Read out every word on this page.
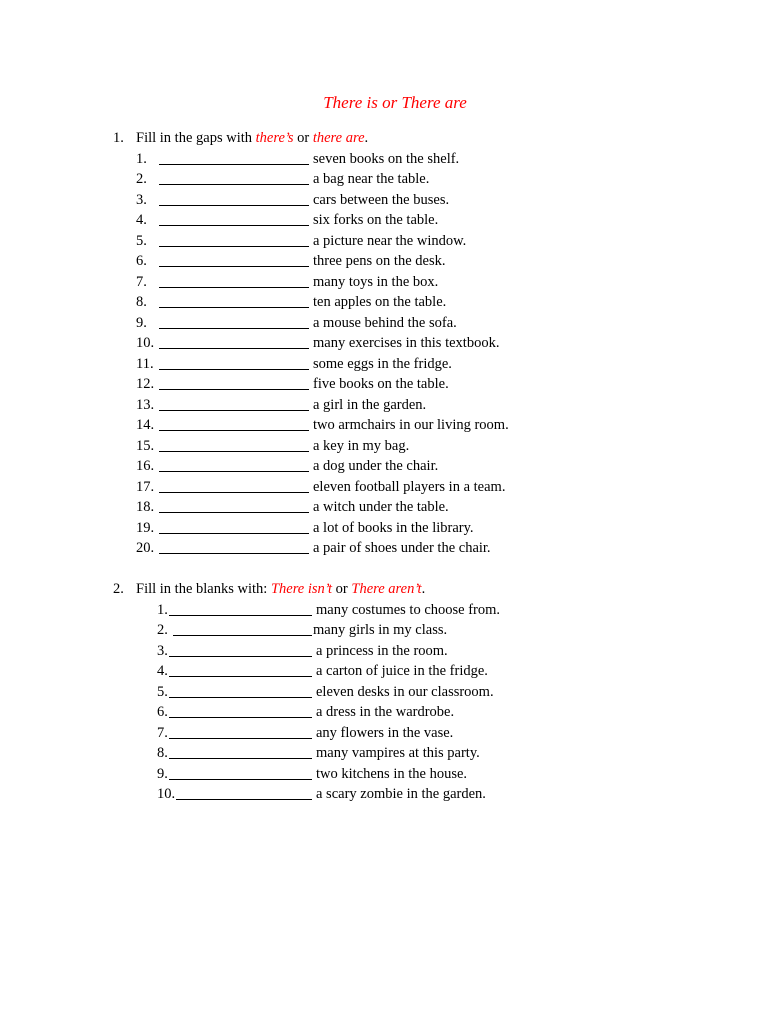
There is or There are
1. Fill in the gaps with there’s or there are.
1.	seven books on the shelf.
2.	a bag near the table.
3.	cars between the buses.
4.	six forks on the table.
5.	a picture near the window.
6.	three pens on the desk.
7.	many toys in the box.
8.	ten apples on the table.
9.	a mouse behind the sofa.
10.	many exercises in this textbook.
11.	some eggs in the fridge.
12.	five books on the table.
13.	a girl in the garden.
14.	two armchairs in our living room.
15.	a key in my bag.
16.	a dog under the chair.
17.	eleven football players in a team.
18.	a witch under the table.
19.	a lot of books in the library.
20.	a pair of shoes under the chair.
2. Fill in the blanks with: There isn’t or There aren’t.
1.	many costumes to choose from.
2.	many girls in my class.
3.	a princess in the room.
4.	a carton of juice in the fridge.
5.	eleven desks in our classroom.
6.	a dress in the wardrobe.
7.	any flowers in the vase.
8.	many vampires at this party.
9.	two kitchens in the house.
10.	a scary zombie in the garden.
